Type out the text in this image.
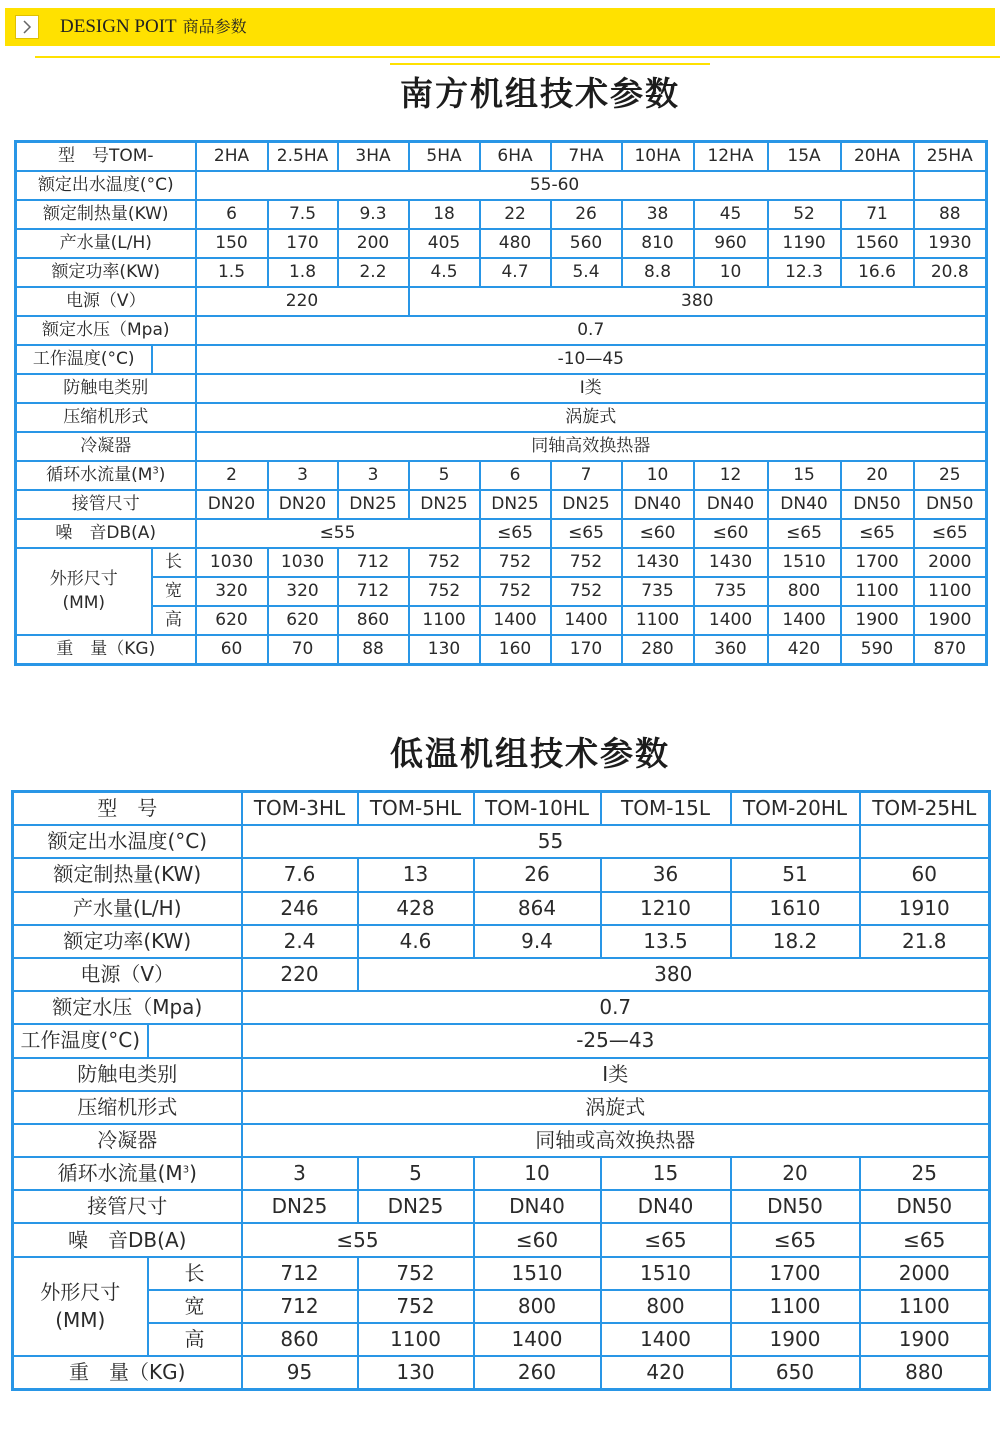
DESIGN POIT 商品参数
南方机组技术参数
型　号TOM-		2HA	2.5HA	3HA	5HA	6HA	7HA	10HA	12HA	15A	20HA	25HA
额定出水温度(°C)		55-60										
额定制热量(KW)		6	7.5	9.3	18	22	26	38	45	52	71	88
产水量(L/H)		150	170	200	405	480	560	810	960	1190	1560	1930
额定功率(KW)		1.5	1.8	2.2	4.5	4.7	5.4	8.8	10	12.3	16.6	20.8
电源（V）		220			380							
额定水压（Mpa)		0.7										
工作温度(°C)		-10—45										
防触电类别		I类										
压缩机形式		涡旋式										
冷凝器		同轴高效换热器										
循环水流量$(M^3)$		2	3	3	5	6	7	10	12	15	20	25
接管尺寸		DN20	DN20	DN25	DN25	DN25	DN25	DN40	DN40	DN40	DN50	DN50
噪　音DB(A)		≤55				≤65	≤65	≤60	≤60	≤65	≤65	≤65

外形尺寸
(MM)	长	1030	1030	712	752	752	752	1430	1430	1510	1700	2000
	宽	320	320	712	752	752	752	735	735	800	1100	1100
	高	620	620	860	1100	1400	1400	1100	1400	1400	1900	1900
重　量（KG)		60	70	88	130	160	170	280	360	420	590	870
低温机组技术参数
型　号		TOM-3HL	TOM-5HL	TOM-10HL	TOM-15L	TOM-20HL	TOM-25HL
额定出水温度(°C)		55					
额定制热量(KW)		7.6	13	26	36	51	60
产水量(L/H)		246	428	864	1210	1610	1910
额定功率(KW)		2.4	4.6	9.4	13.5	18.2	21.8
电源（V）		220	380				
额定水压（Mpa)		0.7					
工作温度(°C)		-25—43					
防触电类别		I类					
压缩机形式		涡旋式					
冷凝器		同轴或高效换热器					
循环水流量$(M^3)$		3	5	10	15	20	25
接管尺寸		DN25	DN25	DN40	DN40	DN50	DN50
噪　音DB(A)		≤55		≤60	≤65	≤65	≤65

外形尺寸
(MM)	长	712	752	1510	1510	1700	2000
	宽	712	752	800	800	1100	1100
	高	860	1100	1400	1400	1900	1900
重　量（KG)		95	130	260	420	650	880
